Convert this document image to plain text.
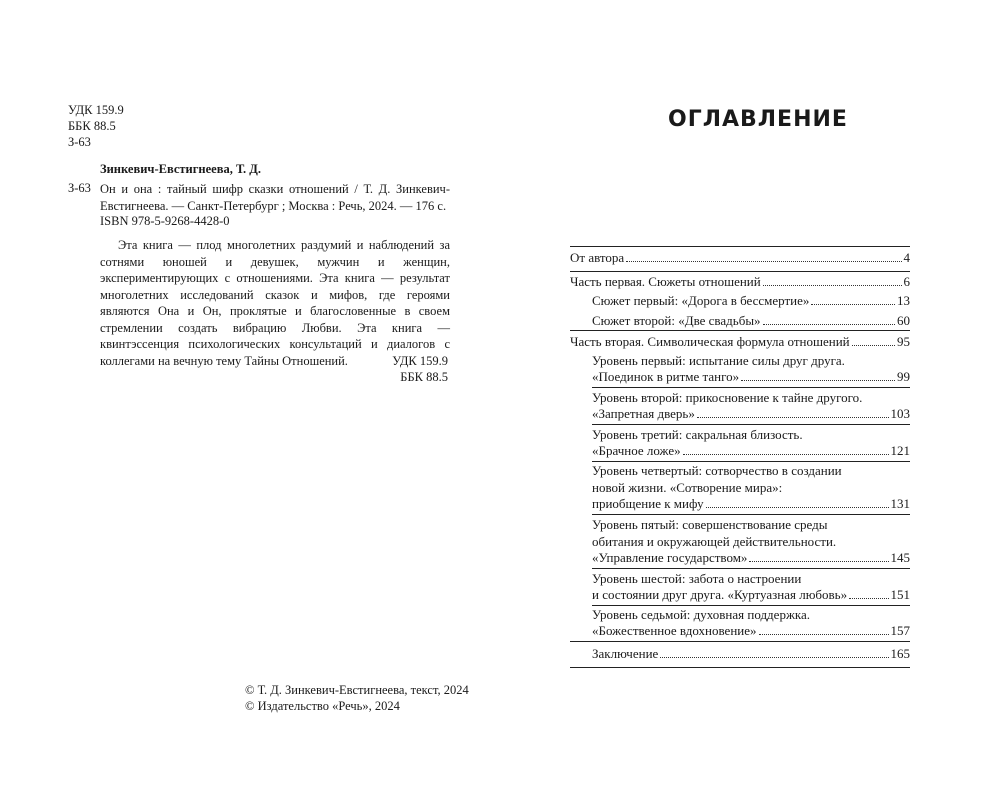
УДК 159.9
ББК 88.5
З-63
Зинкевич-Евстигнеева, Т. Д.
З-63 Он и она : тайный шифр сказки отношений / Т. Д. Зинкевич-Евстигнеева. — Санкт-Петербург ; Москва : Речь, 2024. — 176 с.
ISBN 978-5-9268-4428-0
Эта книга — плод многолетних раздумий и наблюдений за сотнями юношей и девушек, мужчин и женщин, экспериментирующих с отношениями. Эта книга — результат многолетних исследований сказок и мифов, где героями являются Она и Он, проклятые и благословенные в своем стремлении создать вибрацию Любви. Эта книга — квинтэссенция психологических консультаций и диалогов с коллегами на вечную тему Тайны Отношений.	УДК 159.9
ББК 88.5
© Т. Д. Зинкевич-Евстигнеева, текст, 2024
© Издательство «Речь», 2024
ОГЛАВЛЕНИЕ
От автора	4
Часть первая. Сюжеты отношений	6
Сюжет первый: «Дорога в бессмертие»	13
Сюжет второй: «Две свадьбы»	60
Часть вторая. Символическая формула отношений	95
Уровень первый: испытание силы друг друга.
«Поединок в ритме танго»	99
Уровень второй: прикосновение к тайне другого.
«Запретная дверь»	103
Уровень третий: сакральная близость.
«Брачное ложе»	121
Уровень четвертый: сотворчество в создании
новой жизни. «Сотворение мира»:
приобщение к мифу	131
Уровень пятый: совершенствование среды
обитания и окружающей действительности.
«Управление государством»	145
Уровень шестой: забота о настроении
и состоянии друг друга. «Куртуазная любовь»	151
Уровень седьмой: духовная поддержка.
«Божественное вдохновение»	157
Заключение	165
